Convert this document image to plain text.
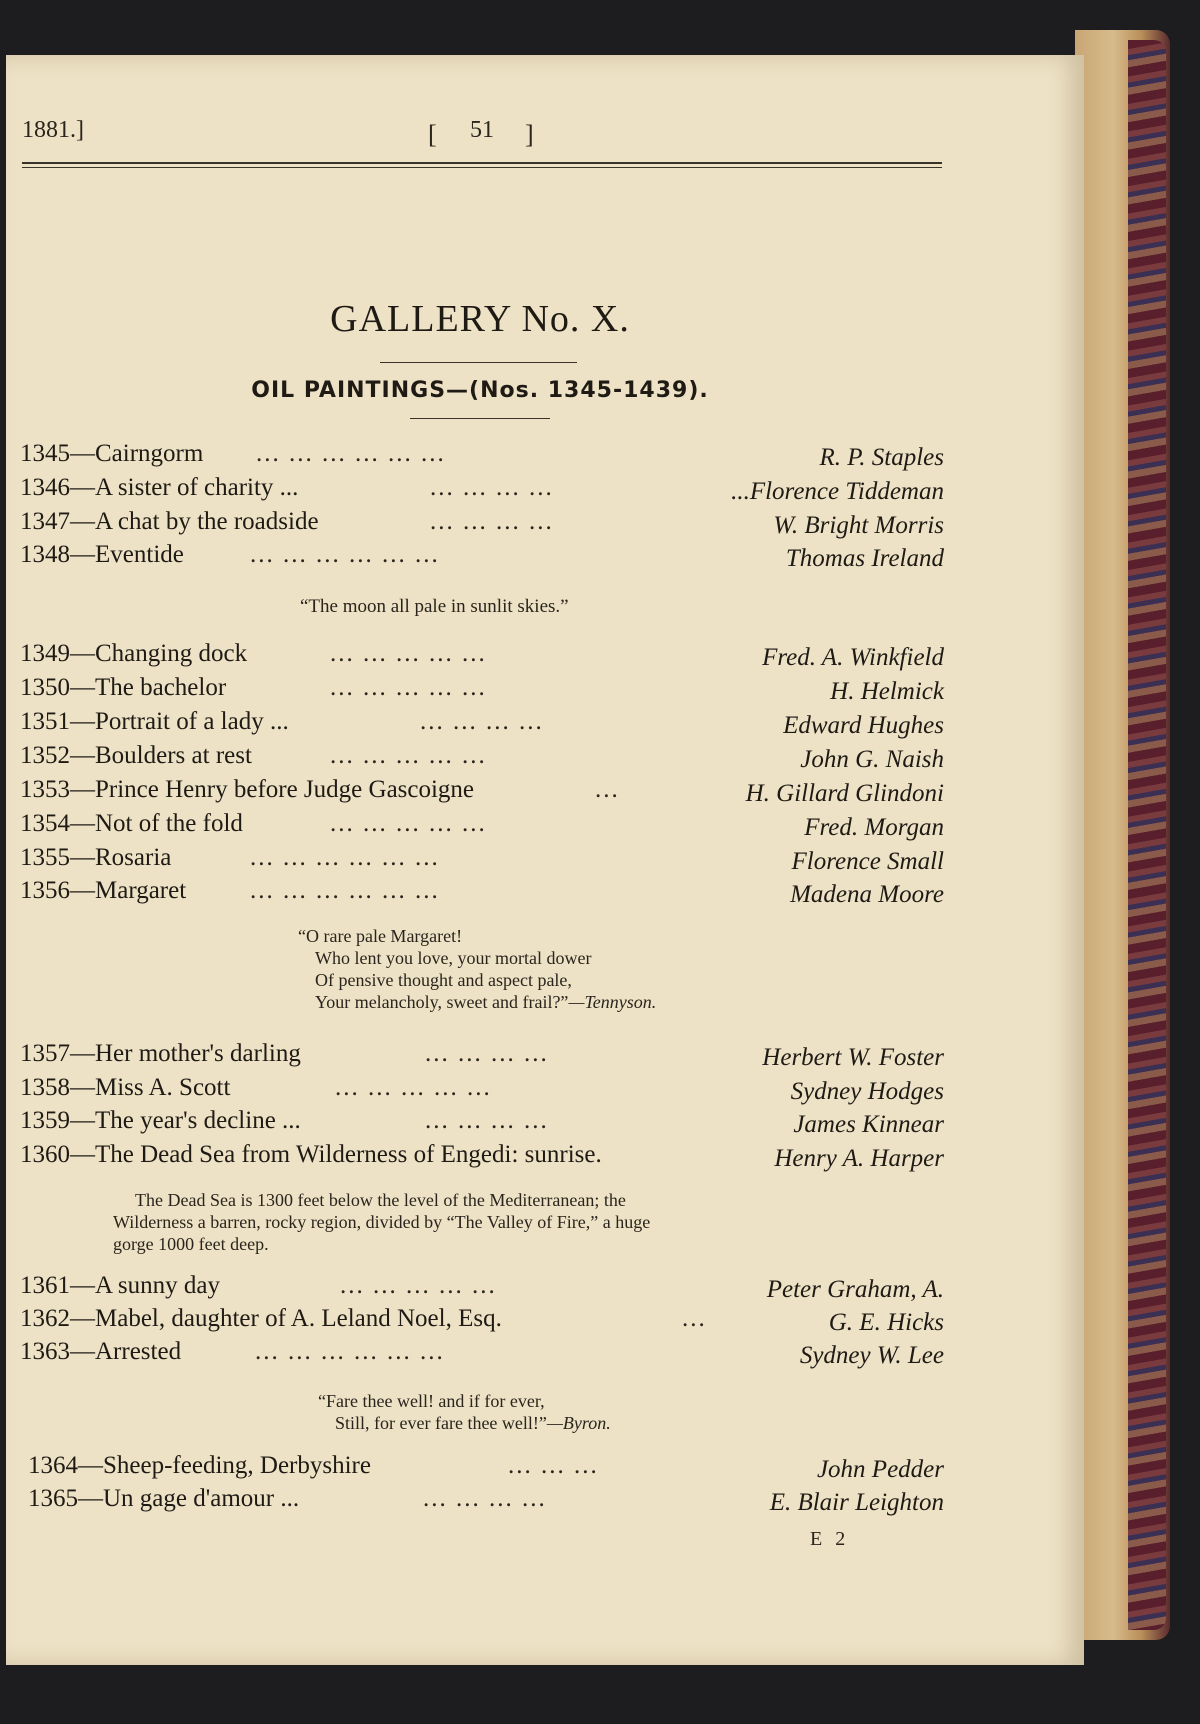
1881.]	[ 51 ]
GALLERY No. X.
OIL PAINTINGS—(Nos. 1345-1439).
1345—Cairngorm ... ... ... ... ... ...	R. P. Staples
1346—A sister of charity ...	... ... ... ...	...Florence Tiddeman
1347—A chat by the roadside	... ... ... ...	W. Bright Morris
1348—Eventide	... ... ... ... ... ...	Thomas Ireland
“The moon all pale in sunlit skies.”
1349—Changing dock	... ... ... ... ...	Fred. A. Winkfield
1350—The bachelor	... ... ... ... ...	H. Helmick
1351—Portrait of a lady ...	... ... ... ...	Edward Hughes
1352—Boulders at rest	... ... ... ... ...	John G. Naish
1353—Prince Henry before Judge Gascoigne	...	H. Gillard Glindoni
1354—Not of the fold	... ... ... ... ...	Fred. Morgan
1355—Rosaria	... ... ... ... ... ...	Florence Small
1356—Margaret	... ... ... ... ... ...	Madena Moore
“O rare pale Margaret!
Who lent you love, your mortal dower
Of pensive thought and aspect pale,
Your melancholy, sweet and frail?”—Tennyson.
1357—Her mother's darling	... ... ... ...	Herbert W. Foster
1358—Miss A. Scott	... ... ... ... ...	Sydney Hodges
1359—The year's decline ...	... ... ... ...	James Kinnear
1360—The Dead Sea from Wilderness of Engedi: sunrise.	Henry A. Harper
The Dead Sea is 1300 feet below the level of the Mediterranean; the
Wilderness a barren, rocky region, divided by “The Valley of Fire,” a huge
gorge 1000 feet deep.
1361—A sunny day	... ... ... ... ...	Peter Graham, A.
1362—Mabel, daughter of A. Leland Noel, Esq.	...	G. E. Hicks
1363—Arrested	... ... ... ... ... ...	Sydney W. Lee
“Fare thee well! and if for ever,
Still, for ever fare thee well!”—Byron.
1364—Sheep-feeding, Derbyshire	... ... ...	John Pedder
1365—Un gage d'amour ...	... ... ... ...	E. Blair Leighton
E 2
